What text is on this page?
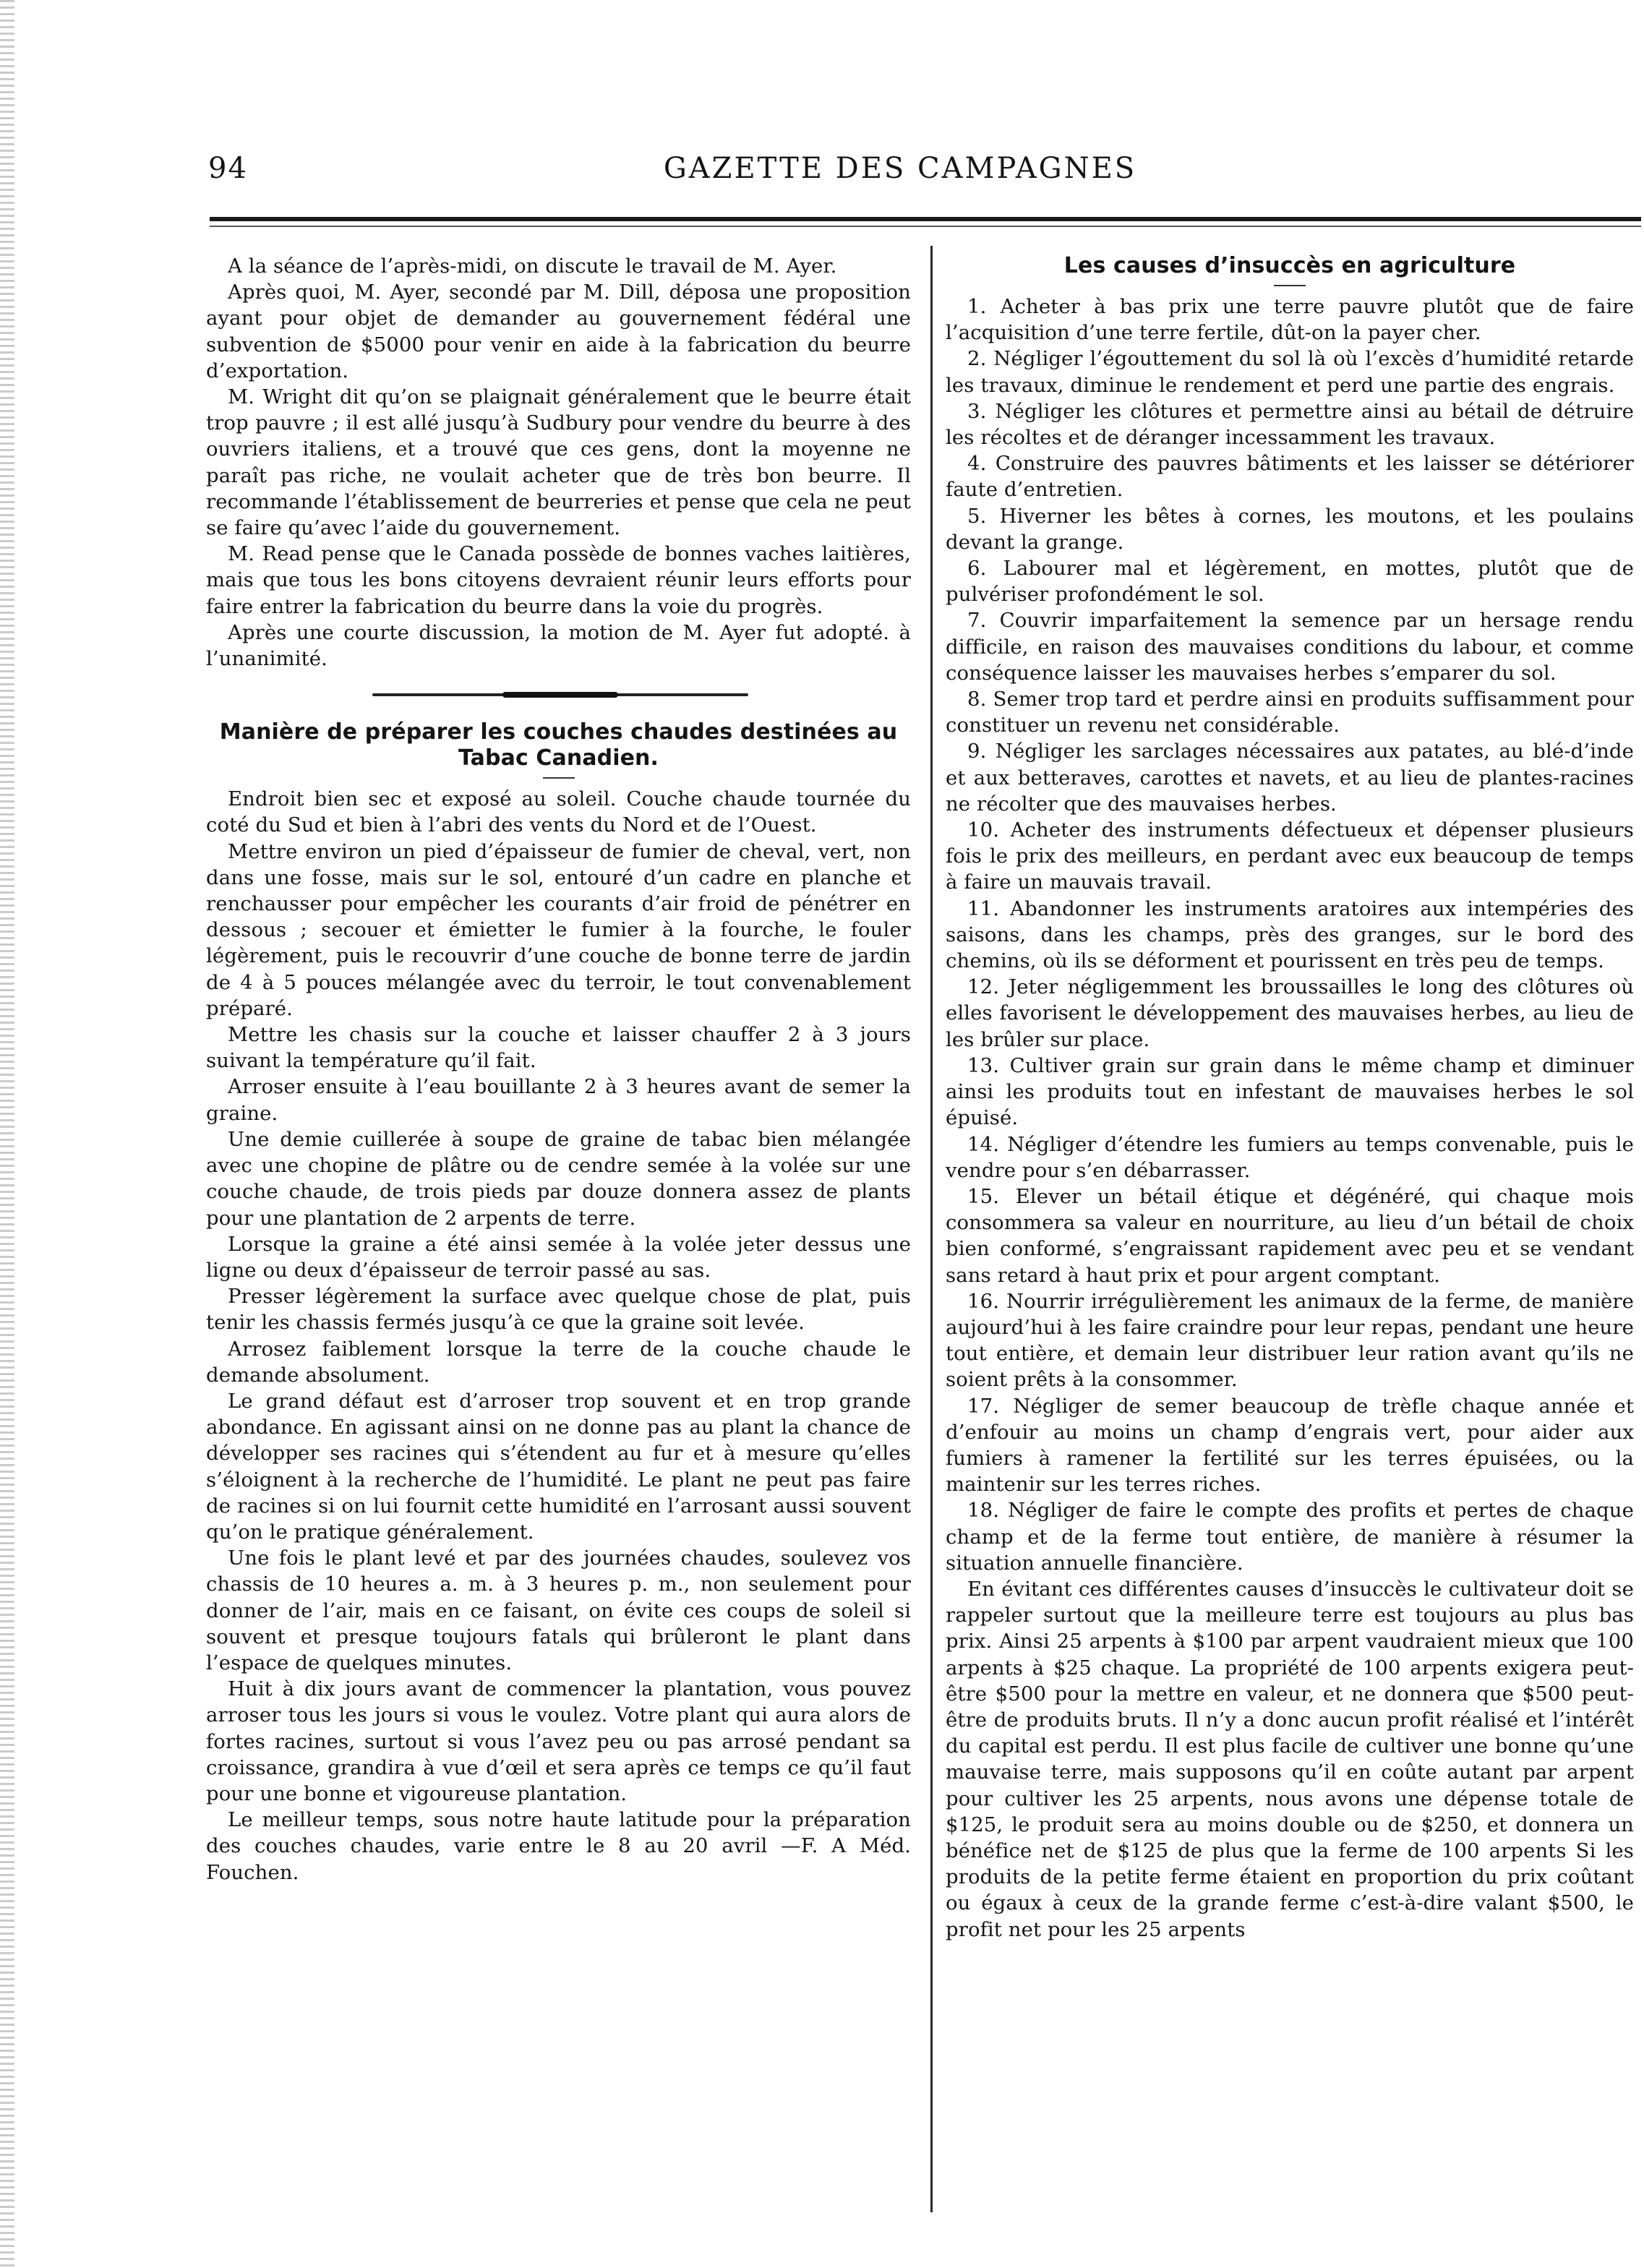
94	GAZETTE DES CAMPAGNES

A la séance de l’après-midi, on discute le travail de M. Ayer.

Après quoi, M. Ayer, secondé par M. Dill, déposa une proposition ayant pour objet de demander au gouvernement fédéral une subvention de $5000 pour venir en aide à la fabrication du beurre d’exportation.

M. Wright dit qu’on se plaignait généralement que le beurre était trop pauvre ; il est allé jusqu’à Sudbury pour vendre du beurre à des ouvriers italiens, et a trouvé que ces gens, dont la moyenne ne paraît pas riche, ne voulait acheter que de très bon beurre. Il recommande l’établissement de beurreries et pense que cela ne peut se faire qu’avec l’aide du gouvernement.

M. Read pense que le Canada possède de bonnes vaches laitières, mais que tous les bons citoyens devraient réunir leurs efforts pour faire entrer la fabrication du beurre dans la voie du progrès.

Après une courte discussion, la motion de M. Ayer fut adopté. à l’unanimité.

Manière de préparer les couches chaudes destinées au Tabac Canadien.

Endroit bien sec et exposé au soleil. Couche chaude tournée du coté du Sud et bien à l’abri des vents du Nord et de l’Ouest.

Mettre environ un pied d’épaisseur de fumier de cheval, vert, non dans une fosse, mais sur le sol, entouré d’un cadre en planche et renchausser pour empêcher les courants d’air froid de pénétrer en dessous ; secouer et émietter le fumier à la fourche, le fouler légèrement, puis le recouvrir d’une couche de bonne terre de jardin de 4 à 5 pouces mélangée avec du terroir, le tout convenablement préparé.

Mettre les chasis sur la couche et laisser chauffer 2 à 3 jours suivant la température qu’il fait.

Arroser ensuite à l’eau bouillante 2 à 3 heures avant de semer la graine.

Une demie cuillerée à soupe de graine de tabac bien mélangée avec une chopine de plâtre ou de cendre semée à la volée sur une couche chaude, de trois pieds par douze donnera assez de plants pour une plantation de 2 arpents de terre.

Lorsque la graine a été ainsi semée à la volée jeter dessus une ligne ou deux d’épaisseur de terroir passé au sas.

Presser légèrement la surface avec quelque chose de plat, puis tenir les chassis fermés jusqu’à ce que la graine soit levée.

Arrosez faiblement lorsque la terre de la couche chaude le demande absolument.

Le grand défaut est d’arroser trop souvent et en trop grande abondance. En agissant ainsi on ne donne pas au plant la chance de développer ses racines qui s’étendent au fur et à mesure qu’elles s’éloignent à la recherche de l’humidité. Le plant ne peut pas faire de racines si on lui fournit cette humidité en l’arrosant aussi souvent qu’on le pratique généralement.

Une fois le plant levé et par des journées chaudes, soulevez vos chassis de 10 heures a. m. à 3 heures p. m., non seulement pour donner de l’air, mais en ce faisant, on évite ces coups de soleil si souvent et presque toujours fatals qui brûleront le plant dans l’espace de quelques minutes.

Huit à dix jours avant de commencer la plantation, vous pouvez arroser tous les jours si vous le voulez. Votre plant qui aura alors de fortes racines, surtout si vous l’avez peu ou pas arrosé pendant sa croissance, grandira à vue d’œil et sera après ce temps ce qu’il faut pour une bonne et vigoureuse plantation.

Le meilleur temps, sous notre haute latitude pour la préparation des couches chaudes, varie entre le 8 au 20 avril —F. A Méd. Fouchen.

Les causes d’insuccès en agriculture

1. Acheter à bas prix une terre pauvre plutôt que de faire l’acquisition d’une terre fertile, dût-on la payer cher.

2. Négliger l’égouttement du sol là où l’excès d’humidité retarde les travaux, diminue le rendement et perd une partie des engrais.

3. Négliger les clôtures et permettre ainsi au bétail de détruire les récoltes et de déranger incessamment les travaux.

4. Construire des pauvres bâtiments et les laisser se détériorer faute d’entretien.

5. Hiverner les bêtes à cornes, les moutons, et les poulains devant la grange.

6. Labourer mal et légèrement, en mottes, plutôt que de pulvériser profondément le sol.

7. Couvrir imparfaitement la semence par un hersage rendu difficile, en raison des mauvaises conditions du labour, et comme conséquence laisser les mauvaises herbes s’emparer du sol.

8. Semer trop tard et perdre ainsi en produits suffisamment pour constituer un revenu net considérable.

9. Négliger les sarclages nécessaires aux patates, au blé-d’inde et aux betteraves, carottes et navets, et au lieu de plantes-racines ne récolter que des mauvaises herbes.

10. Acheter des instruments défectueux et dépenser plusieurs fois le prix des meilleurs, en perdant avec eux beaucoup de temps à faire un mauvais travail.

11. Abandonner les instruments aratoires aux intempéries des saisons, dans les champs, près des granges, sur le bord des chemins, où ils se déforment et pourissent en très peu de temps.

12. Jeter négligemment les broussailles le long des clôtures où elles favorisent le développement des mauvaises herbes, au lieu de les brûler sur place.

13. Cultiver grain sur grain dans le même champ et diminuer ainsi les produits tout en infestant de mauvaises herbes le sol épuisé.

14. Négliger d’étendre les fumiers au temps convenable, puis le vendre pour s’en débarrasser.

15. Elever un bétail étique et dégénéré, qui chaque mois consommera sa valeur en nourriture, au lieu d’un bétail de choix bien conformé, s’engraissant rapidement avec peu et se vendant sans retard à haut prix et pour argent comptant.

16. Nourrir irrégulièrement les animaux de la ferme, de manière aujourd’hui à les faire craindre pour leur repas, pendant une heure tout entière, et demain leur distribuer leur ration avant qu’ils ne soient prêts à la consommer.

17. Négliger de semer beaucoup de trèfle chaque année et d’enfouir au moins un champ d’engrais vert, pour aider aux fumiers à ramener la fertilité sur les terres épuisées, ou la maintenir sur les terres riches.

18. Négliger de faire le compte des profits et pertes de chaque champ et de la ferme tout entière, de manière à résumer la situation annuelle financière.

En évitant ces différentes causes d’insuccès le cultivateur doit se rappeler surtout que la meilleure terre est toujours au plus bas prix. Ainsi 25 arpents à $100 par arpent vaudraient mieux que 100 arpents à $25 chaque. La propriété de 100 arpents exigera peut-être $500 pour la mettre en valeur, et ne donnera que $500 peut-être de produits bruts. Il n’y a donc aucun profit réalisé et l’intérêt du capital est perdu. Il est plus facile de cultiver une bonne qu’une mauvaise terre, mais supposons qu’il en coûte autant par arpent pour cultiver les 25 arpents, nous avons une dépense totale de $125, le produit sera au moins double ou de $250, et donnera un bénéfice net de $125 de plus que la ferme de 100 arpents Si les produits de la petite ferme étaient en proportion du prix coûtant ou égaux à ceux de la grande ferme c’est-à-dire valant $500, le profit net pour les 25 arpents
